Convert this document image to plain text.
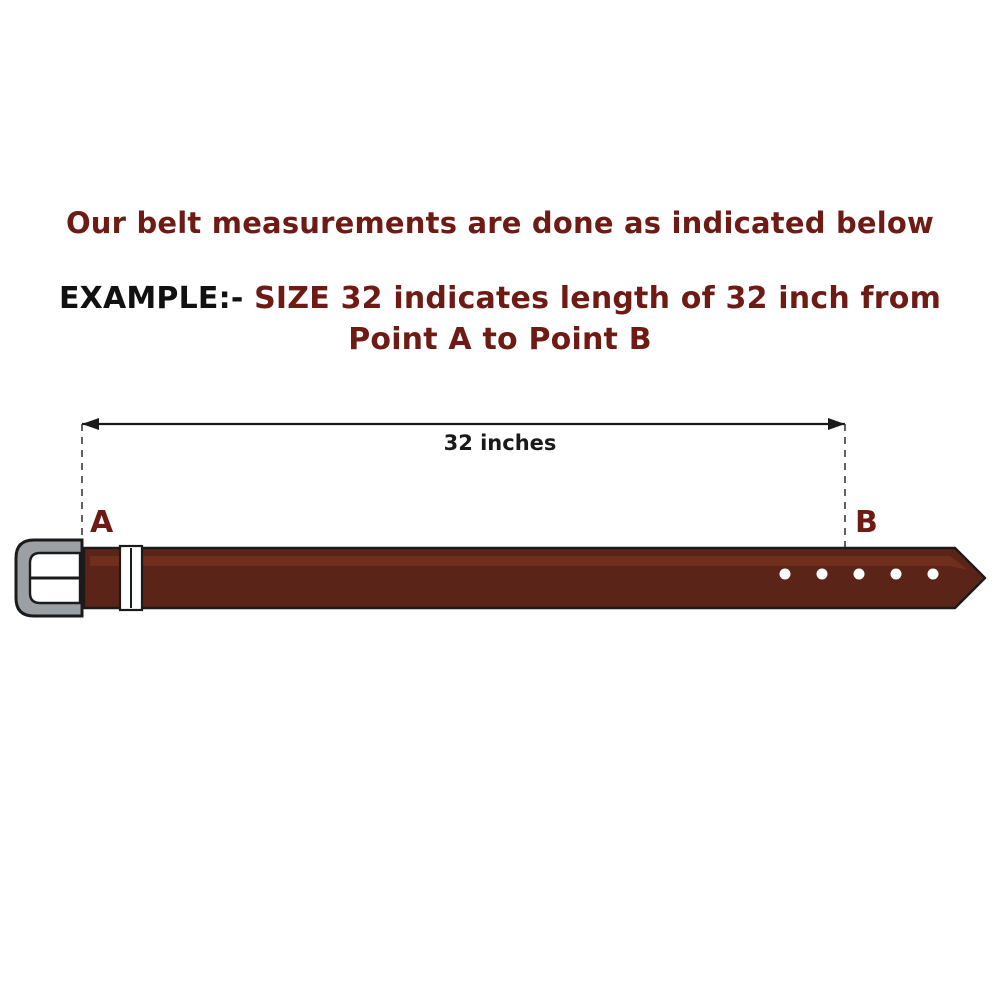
Our belt measurements are done as indicated below
EXAMPLE:- SIZE 32 indicates length of 32 inch from
Point A to Point B
32 inches
A	B
